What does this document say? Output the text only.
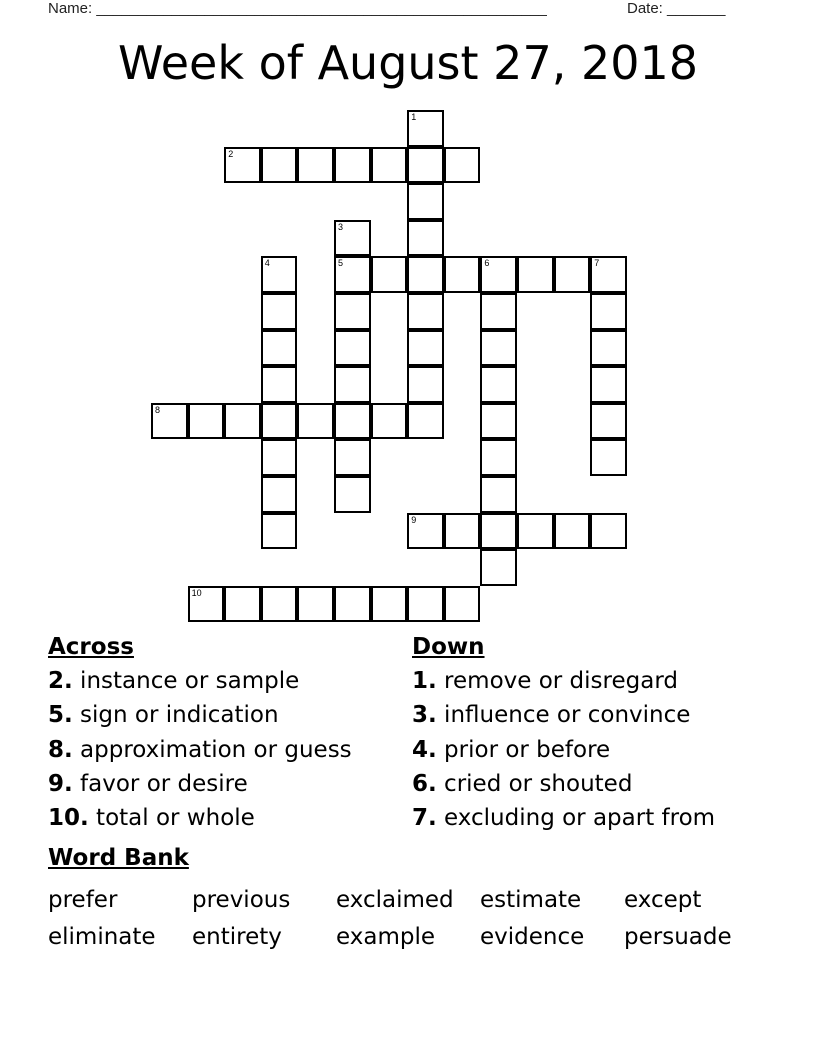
Name: ______________________________________________________	Date: _______
Week of August 27, 2018
2
5	6	7
8
9
10
1
3
4
Across
2. instance or sample
5. sign or indication
8. approximation or guess
9. favor or desire
10. total or whole
Down
1. remove or disregard
3. influence or convince
4. prior or before
6. cried or shouted
7. excluding or apart from
Word Bank
prefer	previous	exclaimed	estimate	except
eliminate	entirety	example	evidence	persuade
